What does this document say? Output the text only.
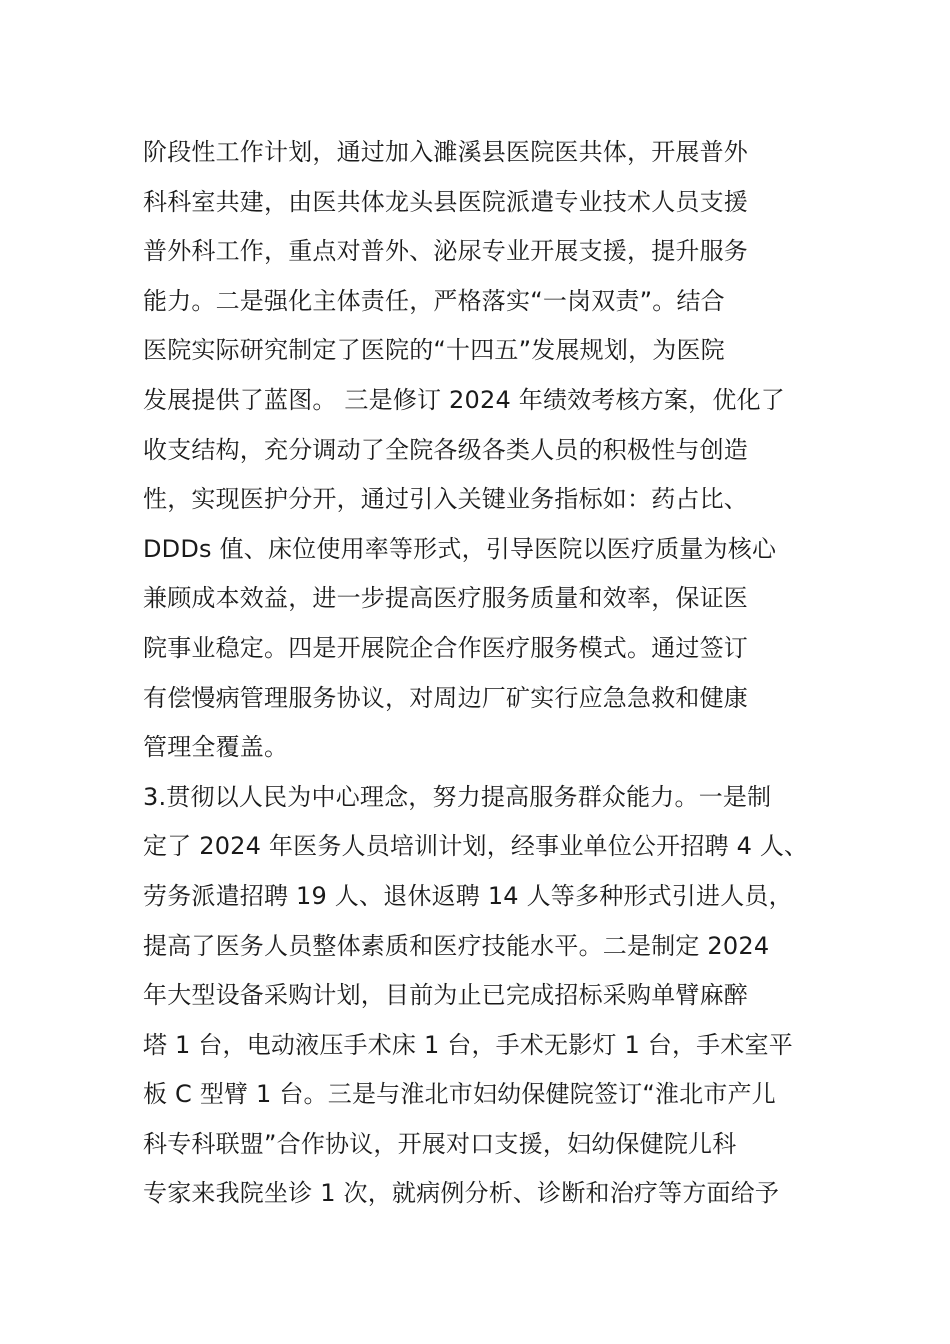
阶段性工作计划，通过加入濉溪县医院医共体，开展普外
科科室共建，由医共体龙头县医院派遣专业技术人员支援
普外科工作，重点对普外、泌尿专业开展支援，提升服务
能力。二是强化主体责任，严格落实“一岗双责”。结合
医院实际研究制定了医院的“十四五”发展规划，为医院
发展提供了蓝图。 三是修订 2024 年绩效考核方案，优化了
收支结构，充分调动了全院各级各类人员的积极性与创造
性，实现医护分开，通过引入关键业务指标如：药占比、
DDDs 值、床位使用率等形式，引导医院以医疗质量为核心
兼顾成本效益，进一步提高医疗服务质量和效率，保证医
院事业稳定。四是开展院企合作医疗服务模式。通过签订
有偿慢病管理服务协议，对周边厂矿实行应急急救和健康
管理全覆盖。
3.贯彻以人民为中心理念，努力提高服务群众能力。一是制
定了 2024 年医务人员培训计划，经事业单位公开招聘 4 人、
劳务派遣招聘 19 人、退休返聘 14 人等多种形式引进人员，
提高了医务人员整体素质和医疗技能水平。二是制定 2024
年大型设备采购计划，目前为止已完成招标采购单臂麻醉
塔 1 台，电动液压手术床 1 台，手术无影灯 1 台，手术室平
板 C 型臂 1 台。三是与淮北市妇幼保健院签订“淮北市产儿
科专科联盟”合作协议，开展对口支援，妇幼保健院儿科
专家来我院坐诊 1 次，就病例分析、诊断和治疗等方面给予
